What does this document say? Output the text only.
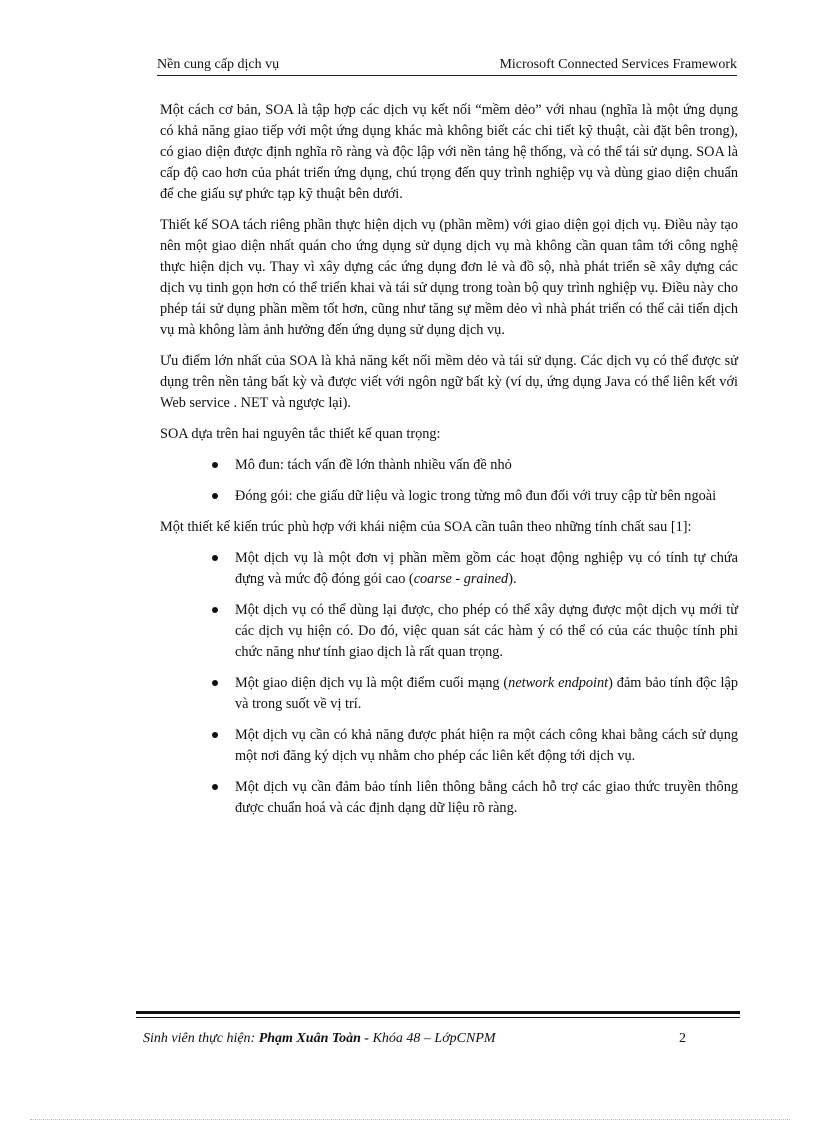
Nền cung cấp dịch vụ	Microsoft Connected Services Framework

Một cách cơ bản, SOA là tập hợp các dịch vụ kết nối “mềm dẻo” với nhau (nghĩa là một ứng dụng có khả năng giao tiếp với một ứng dụng khác mà không biết các chi tiết kỹ thuật, cài đặt bên trong), có giao diện được định nghĩa rõ ràng và độc lập với nền tảng hệ thống, và có thể tái sử dụng. SOA là cấp độ cao hơn của phát triển ứng dụng, chú trọng đến quy trình nghiệp vụ và dùng giao diện chuẩn để che giấu sự phức tạp kỹ thuật bên dưới.

Thiết kế SOA tách riêng phần thực hiện dịch vụ (phần mềm) với giao diện gọi dịch vụ. Điều này tạo nên một giao diện nhất quán cho ứng dụng sử dụng dịch vụ mà không cần quan tâm tới công nghệ thực hiện dịch vụ. Thay vì xây dựng các ứng dụng đơn lẻ và đồ sộ, nhà phát triển sẽ xây dựng các dịch vụ tinh gọn hơn có thể triển khai và tái sử dụng trong toàn bộ quy trình nghiệp vụ. Điều này cho phép tái sử dụng phần mềm tốt hơn, cũng như tăng sự mềm dẻo vì nhà phát triển có thể cải tiến dịch vụ mà không làm ảnh hưởng đến ứng dụng sử dụng dịch vụ.

Ưu điểm lớn nhất của SOA là khả năng kết nối mềm dẻo và tái sử dụng. Các dịch vụ có thể được sử dụng trên nền tảng bất kỳ và được viết với ngôn ngữ bất kỳ (ví dụ, ứng dụng Java có thể liên kết với Web service . NET và ngược lại).

SOA dựa trên hai nguyên tắc thiết kế quan trọng:

Mô đun: tách vấn đề lớn thành nhiều vấn đề nhỏ
Đóng gói: che giấu dữ liệu và logic trong từng mô đun đối với truy cập từ bên ngoài

Một thiết kế kiến trúc phù hợp với khái niệm của SOA cần tuân theo những tính chất sau [1]:

Một dịch vụ là một đơn vị phần mềm gồm các hoạt động nghiệp vụ có tính tự chứa đựng và mức độ đóng gói cao (coarse - grained).
Một dịch vụ có thể dùng lại được, cho phép có thể xây dựng được một dịch vụ mới từ các dịch vụ hiện có. Do đó, việc quan sát các hàm ý có thể có của các thuộc tính phi chức năng như tính giao dịch là rất quan trọng.
Một giao diện dịch vụ là một điểm cuối mạng (network endpoint) đảm bảo tính độc lập và trong suốt về vị trí.
Một dịch vụ cần có khả năng được phát hiện ra một cách công khai bằng cách sử dụng một nơi đăng ký dịch vụ nhằm cho phép các liên kết động tới dịch vụ.
Một dịch vụ cần đảm bảo tính liên thông bằng cách hỗ trợ các giao thức truyền thông được chuẩn hoá và các định dạng dữ liệu rõ ràng.
Sinh viên thực hiện: Phạm Xuân Toàn - Khóa 48 – LớpCNPM	2
